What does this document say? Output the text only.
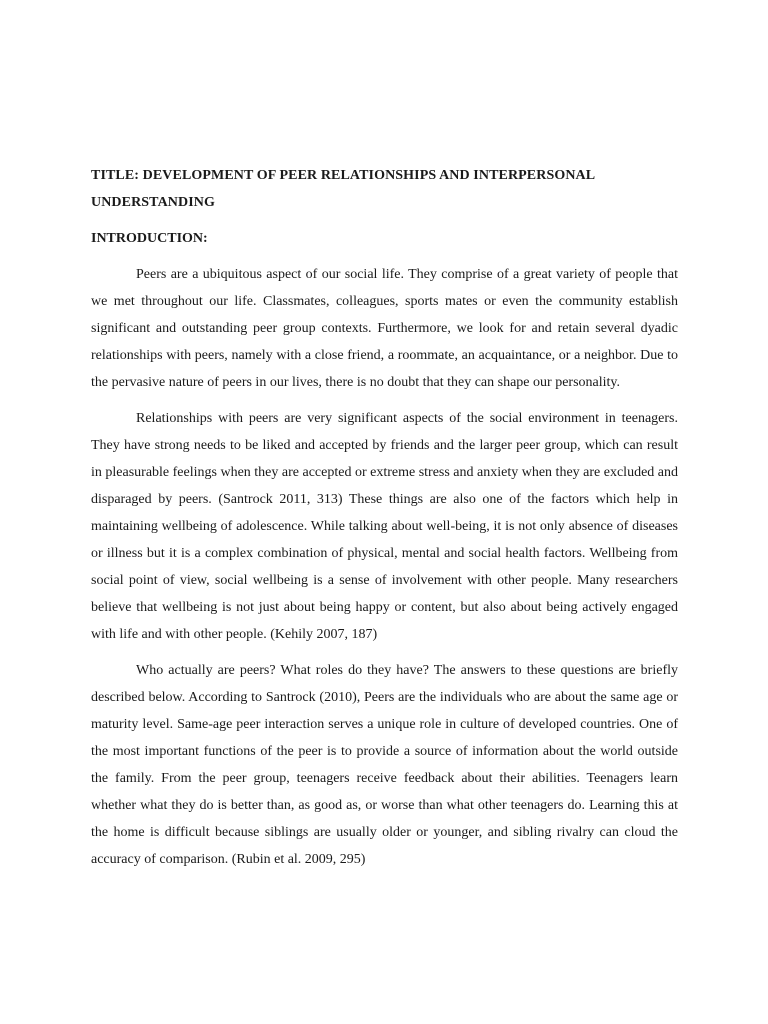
TITLE: DEVELOPMENT OF PEER RELATIONSHIPS AND INTERPERSONAL UNDERSTANDING
INTRODUCTION:

Peers are a ubiquitous aspect of our social life. They comprise of a great variety of people that we met throughout our life. Classmates, colleagues, sports mates or even the community establish significant and outstanding peer group contexts. Furthermore, we look for and retain several dyadic relationships with peers, namely with a close friend, a roommate, an acquaintance, or a neighbor. Due to the pervasive nature of peers in our lives, there is no doubt that they can shape our personality.

Relationships with peers are very significant aspects of the social environment in teenagers. They have strong needs to be liked and accepted by friends and the larger peer group, which can result in pleasurable feelings when they are accepted or extreme stress and anxiety when they are excluded and disparaged by peers. (Santrock 2011, 313) These things are also one of the factors which help in maintaining wellbeing of adolescence. While talking about well-being, it is not only absence of diseases or illness but it is a complex combination of physical, mental and social health factors. Wellbeing from social point of view, social wellbeing is a sense of involvement with other people. Many researchers believe that wellbeing is not just about being happy or content, but also about being actively engaged with life and with other people. (Kehily 2007, 187)

Who actually are peers? What roles do they have? The answers to these questions are briefly described below. According to Santrock (2010), Peers are the individuals who are about the same age or maturity level. Same-age peer interaction serves a unique role in culture of developed countries. One of the most important functions of the peer is to provide a source of information about the world outside the family. From the peer group, teenagers receive feedback about their abilities. Teenagers learn whether what they do is better than, as good as, or worse than what other teenagers do. Learning this at the home is difficult because siblings are usually older or younger, and sibling rivalry can cloud the accuracy of comparison. (Rubin et al. 2009, 295)
